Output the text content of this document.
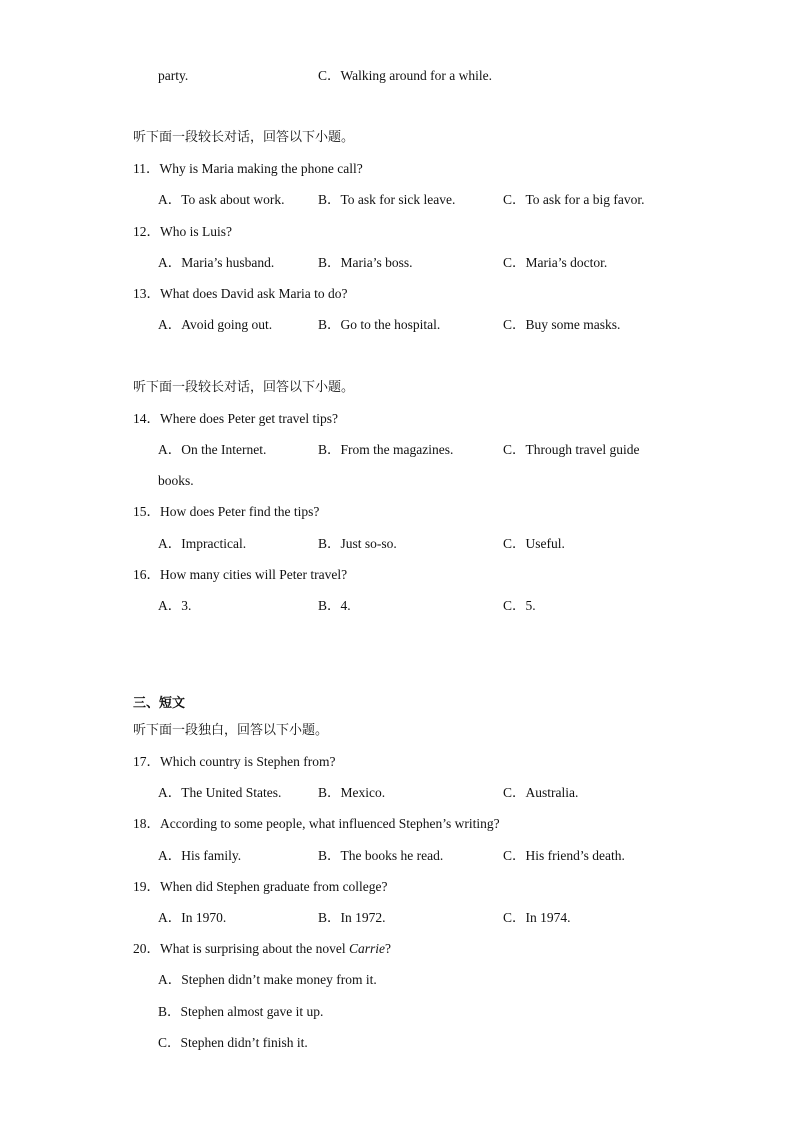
party.	C．Walking around for a while.
听下面一段较长对话，回答以下小题。
11．Why is Maria making the phone call?
A．To ask about work. B．To ask for sick leave.	C．To ask for a big favor.
12．Who is Luis?
A．Maria’s husband.	B．Maria’s boss.	C．Maria’s doctor.
13．What does David ask Maria to do?
A．Avoid going out.	B．Go to the hospital.	C．Buy some masks.
听下面一段较长对话，回答以下小题。
14．Where does Peter get travel tips?
A．On the Internet.	B．From the magazines.	C．Through travel guide
books.
15．How does Peter find the tips?
A．Impractical.	B．Just so-so.	C．Useful.
16．How many cities will Peter travel?
A．3.	B．4.	C．5.
三、短文
听下面一段独白，回答以下小题。
17．Which country is Stephen from?
A．The United States.	B．Mexico.	C．Australia.
18．According to some people, what influenced Stephen’s writing?
A．His family.	B．The books he read.	C．His friend’s death.
19．When did Stephen graduate from college?
A．In 1970.	B．In 1972.	C．In 1974.
20．What is surprising about the novel Carrie?
A．Stephen didn’t make money from it.
B．Stephen almost gave it up.
C．Stephen didn’t finish it.
